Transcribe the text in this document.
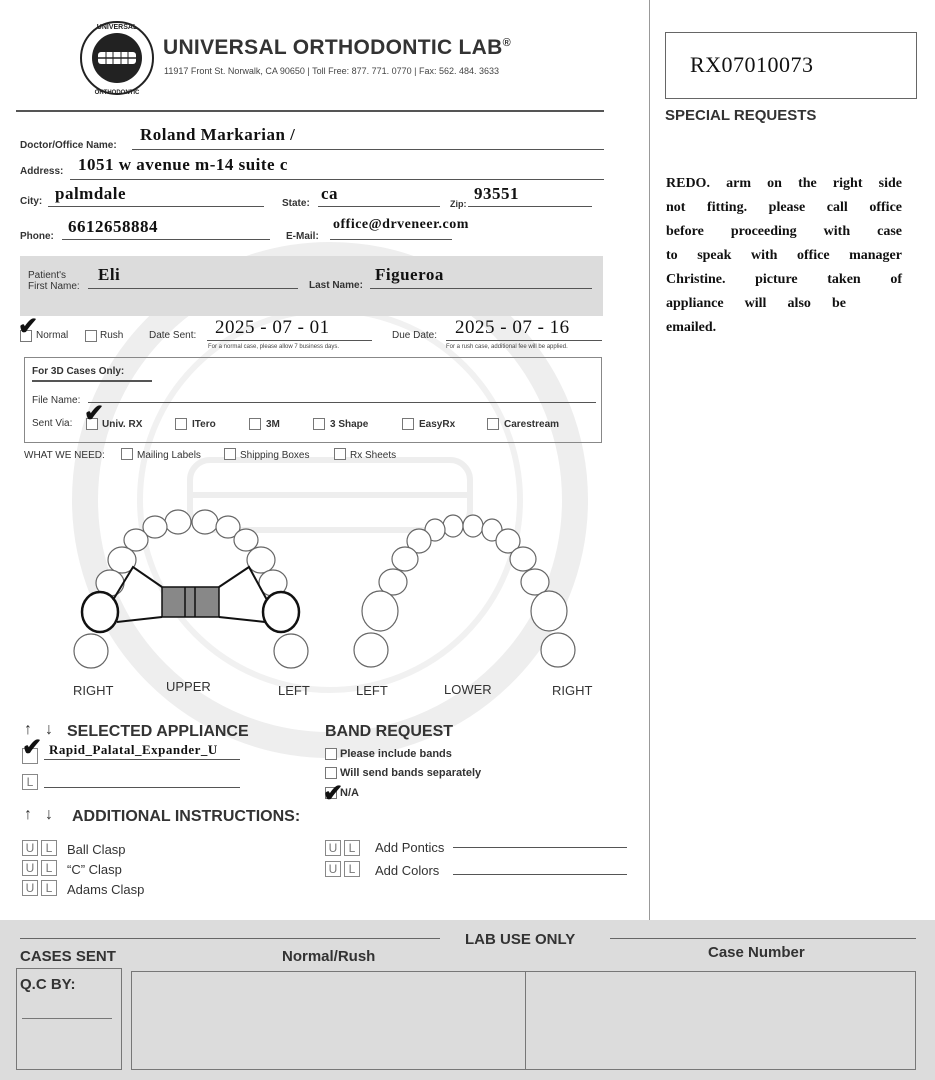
UNIVERSAL
ORTHODONTIC
UNIVERSAL ORTHODONTIC LAB®
11917 Front St. Norwalk, CA 90650 | Toll Free: 877. 771. 0770 | Fax: 562. 484. 3633	RX07010073
SPECIAL REQUESTS
REDO. arm on the right side
not fitting. please call office
before proceeding with case
to speak with office manager
Christine. picture taken of
appliance will also be
emailed.
Doctor/Office Name:
Roland Markarian /
Address: 1051 w avenue m-14 suite c
City: palmdale
State:
ca
Zip:
93551
Phone:
6612658884
E-Mail:
office@drveneer.com
Patient's
First Name:
Eli
Last Name:
Figueroa
✔
Normal	Rush	Date Sent: 2025 - 07 - 01
For a normal case, please allow 7 business days.
Due Date: 2025 - 07 - 16
For a rush case, additional fee will be applied.
For 3D Cases Only:
File Name:
Sent Via: ✔
Univ. RX	ITero	3M	3 Shape	EasyRx	Carestream
WHAT WE NEED:	Mailing Labels	Shipping Boxes	Rx Sheets
RIGHT	UPPER	LEFT	LEFT	LOWER	RIGHT
↑ ↓ SELECTED APPLIANCE
✔ Rapid_Palatal_Expander_U
L
BAND REQUEST
Please include bands
Will send bands separately
✔
N/A
↑ ↓ ADDITIONAL INSTRUCTIONS:
U L	Ball Clasp
U L	“C” Clasp
U L	Adams Clasp
U L	Add Pontics
U L	Add Colors
LAB USE ONLY
CASES SENT	Normal/Rush	Case Number
Q.C BY:
